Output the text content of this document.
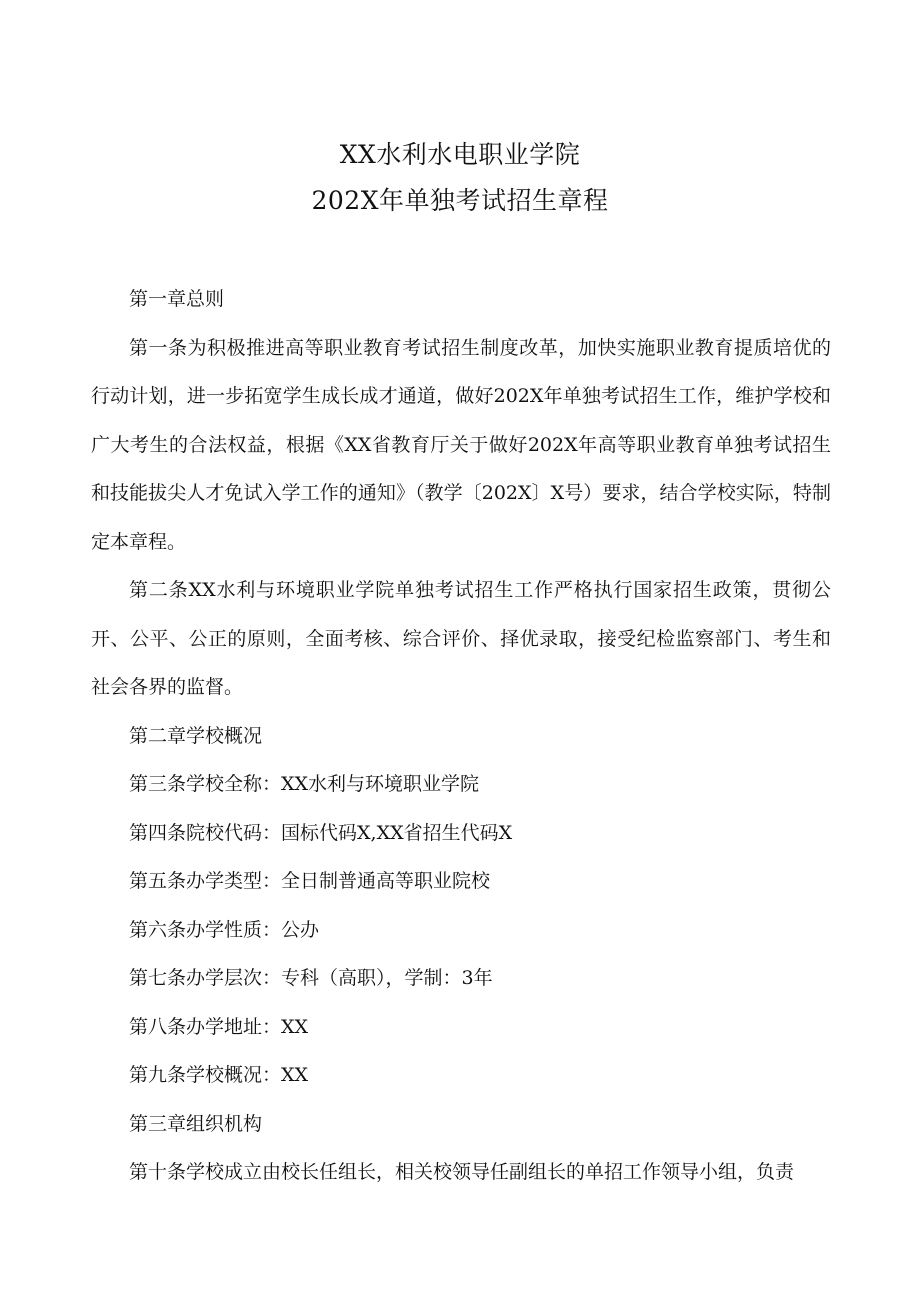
XX水利水电职业学院
202X年单独考试招生章程

第一章总则

第一条为积极推进高等职业教育考试招生制度改革，加快实施职业教育提质培优的行动计划，进一步拓宽学生成长成才通道，做好202X年单独考试招生工作，维护学校和广大考生的合法权益，根据《XX省教育厅关于做好202X年高等职业教育单独考试招生和技能拔尖人才免试入学工作的通知》（教学〔202X〕X号）要求，结合学校实际，特制定本章程。

第二条XX水利与环境职业学院单独考试招生工作严格执行国家招生政策，贯彻公开、公平、公正的原则，全面考核、综合评价、择优录取，接受纪检监察部门、考生和社会各界的监督。

第二章学校概况

第三条学校全称：XX水利与环境职业学院

第四条院校代码：国标代码X,XX省招生代码X

第五条办学类型：全日制普通高等职业院校

第六条办学性质：公办

第七条办学层次：专科（高职），学制：3年

第八条办学地址：XX

第九条学校概况：XX

第三章组织机构

第十条学校成立由校长任组长，相关校领导任副组长的单招工作领导小组，负责
